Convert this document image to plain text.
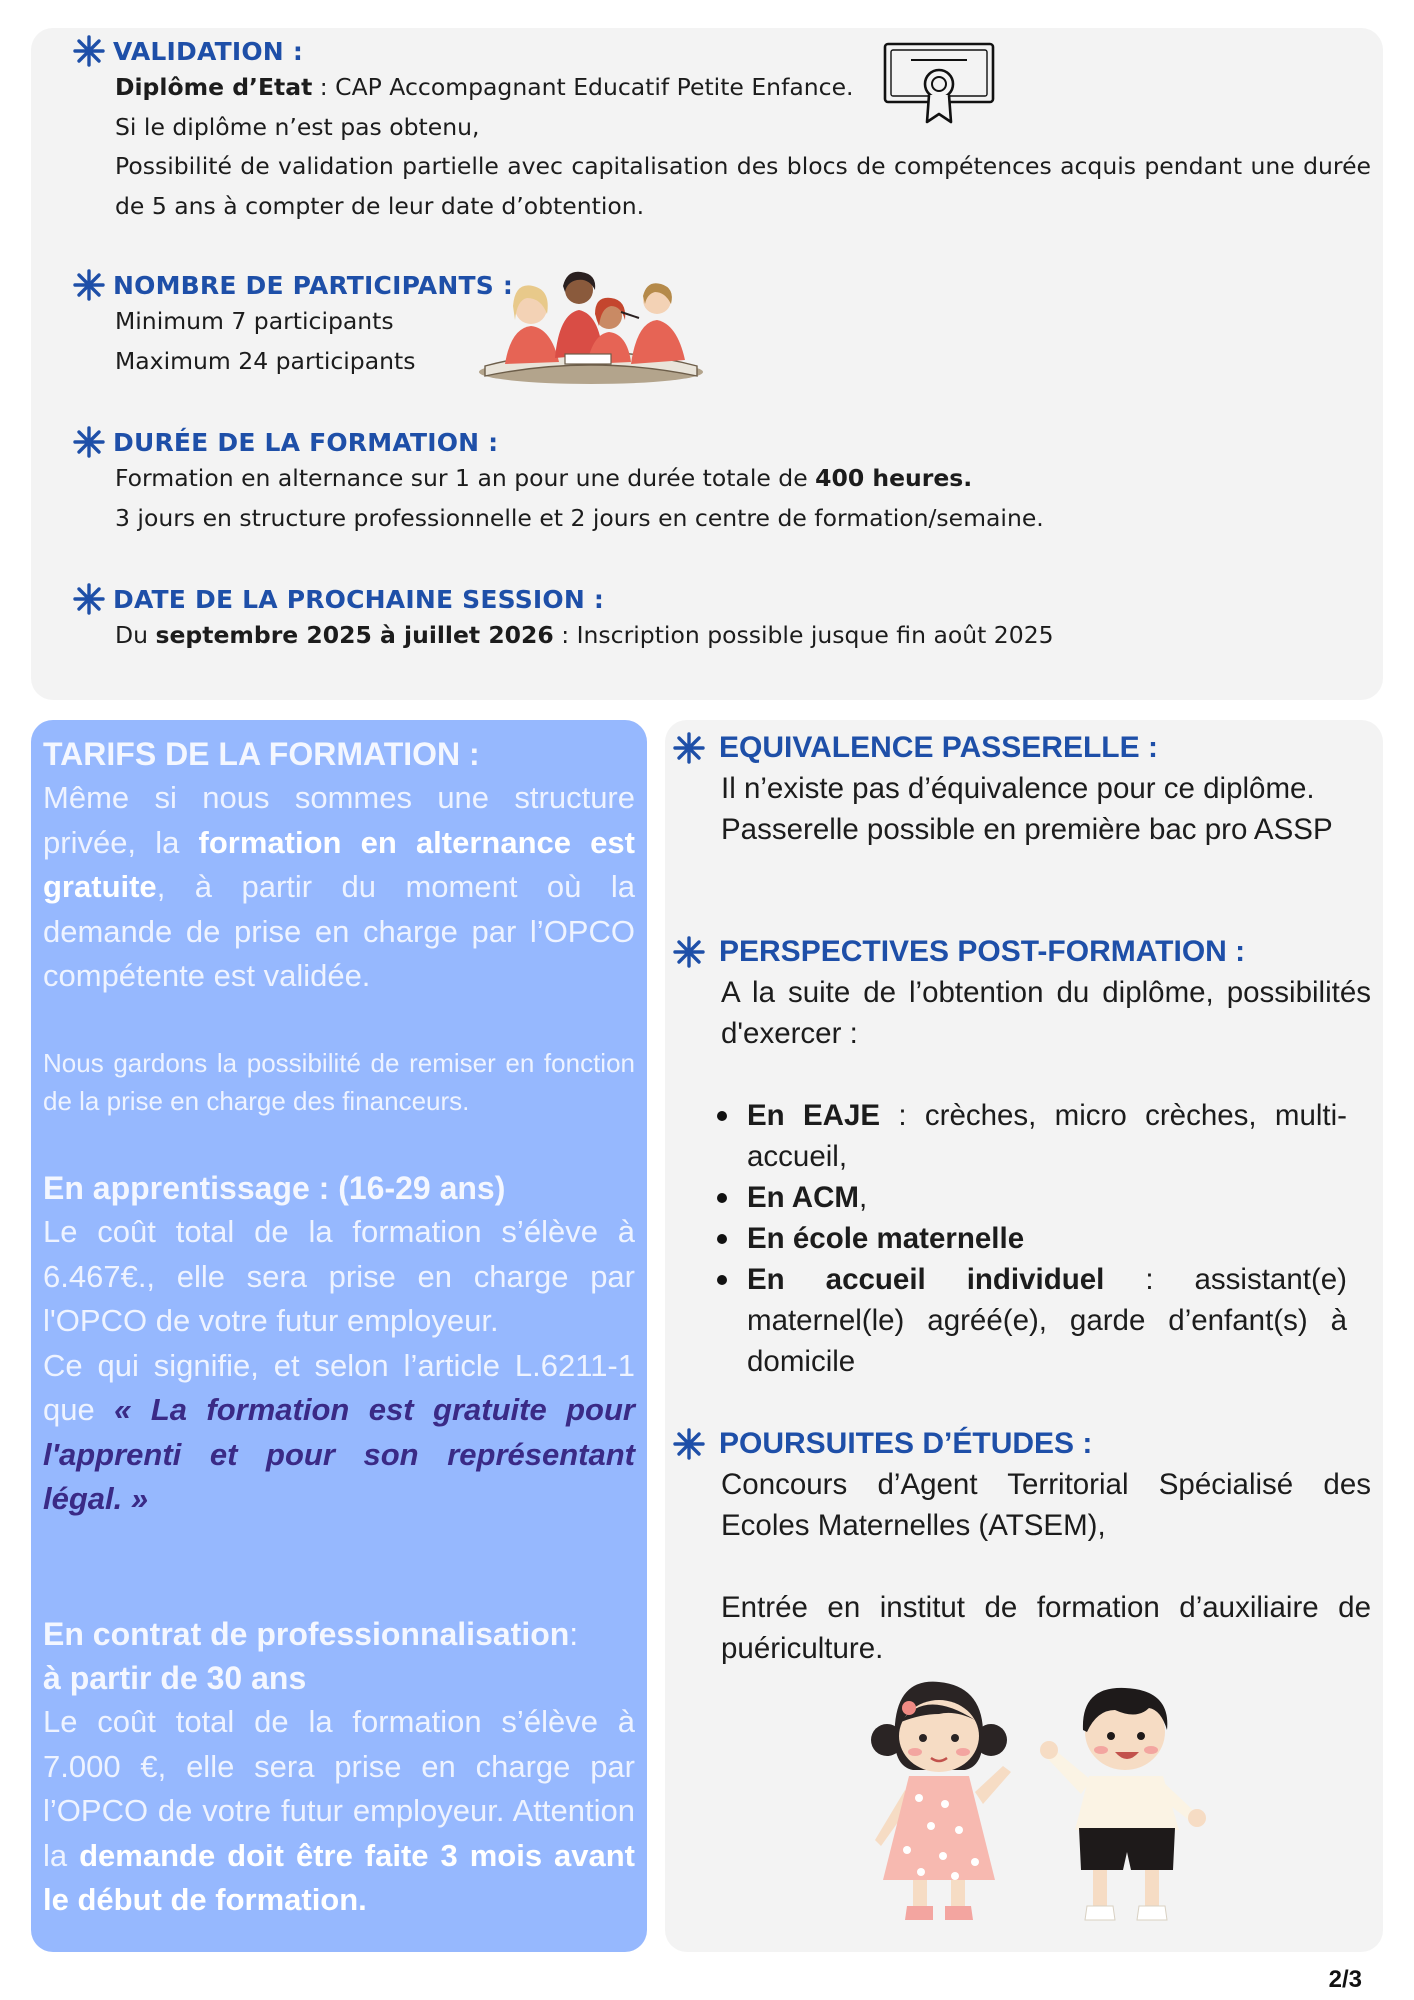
VALIDATION :
Diplôme d’Etat : CAP Accompagnant Educatif Petite Enfance.
Si le diplôme n’est pas obtenu,
Possibilité de validation partielle avec capitalisation des blocs de compétences acquis pendant une durée de 5 ans à compter de leur date d’obtention.
NOMBRE DE PARTICIPANTS :
Minimum 7 participants
Maximum 24 participants
DURÉE DE LA FORMATION :
Formation en alternance sur 1 an pour une durée totale de 400 heures.
3 jours en structure professionnelle et 2 jours en centre de formation/semaine.
DATE DE LA PROCHAINE SESSION :
Du septembre 2025 à juillet 2026 : Inscription possible jusque fin août 2025
TARIFS DE LA FORMATION :
Même si nous sommes une structure privée, la formation en alternance est gratuite, à partir du moment où la demande de prise en charge par l’OPCO compétente est validée.
Nous gardons la possibilité de remiser en fonction de la prise en charge des financeurs.
En apprentissage : (16-29 ans)
Le coût total de la formation s’élève à 6.467€., elle sera prise en charge par l'OPCO de votre futur employeur.
Ce qui signifie, et selon l’article L.6211-1 que « La formation est gratuite pour l'apprenti et pour son représentant légal. »
En contrat de professionnalisation:
à partir de 30 ans
Le coût total de la formation s’élève à 7.000 €, elle sera prise en charge par l’OPCO de votre futur employeur. Attention la demande doit être faite 3 mois avant le début de formation.
EQUIVALENCE PASSERELLE :
Il n’existe pas d’équivalence pour ce diplôme.
Passerelle possible en première bac pro ASSP
PERSPECTIVES POST-FORMATION :
A la suite de l’obtention du diplôme, possibilités d'exercer :
En EAJE : crèches, micro crèches, multi-accueil,
En ACM,
En école maternelle
En accueil individuel : assistant(e) maternel(le) agréé(e), garde d’enfant(s) à domicile
POURSUITES D’ÉTUDES :
Concours d’Agent Territorial Spécialisé des Ecoles Maternelles (ATSEM),
Entrée en institut de formation d’auxiliaire de puériculture.
2/3
